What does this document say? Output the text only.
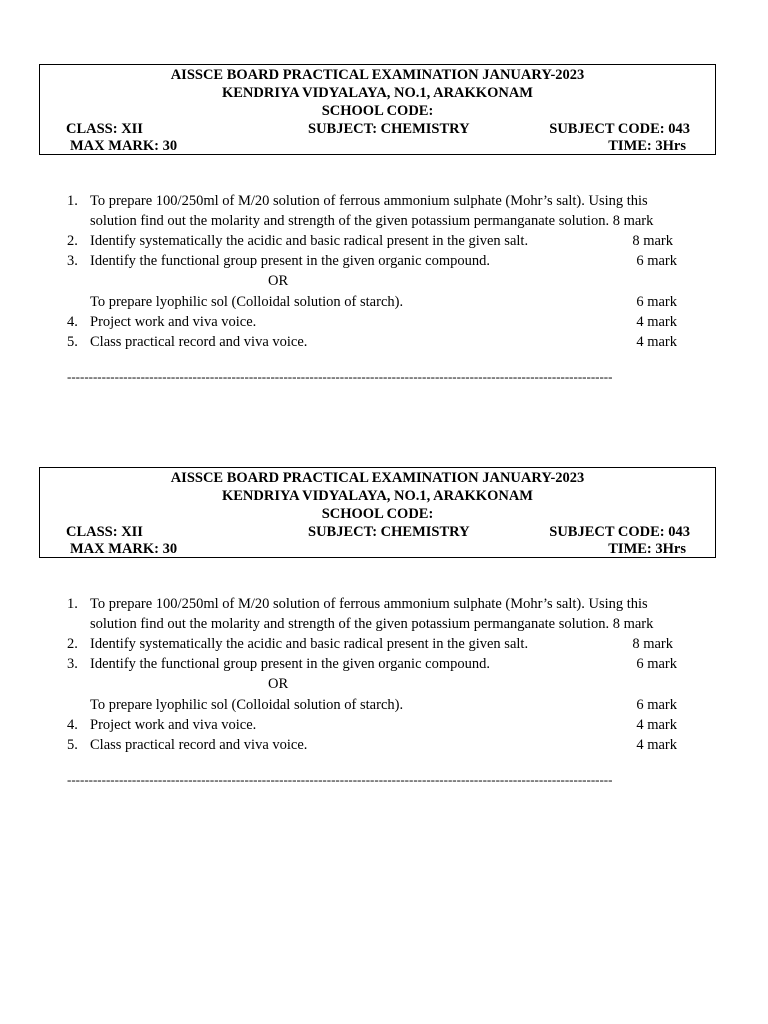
AISSCE BOARD PRACTICAL EXAMINATION JANUARY-2023
KENDRIYA VIDYALAYA, NO.1, ARAKKONAM
SCHOOL CODE:
CLASS: XII	SUBJECT: CHEMISTRY	SUBJECT CODE: 043
MAX MARK: 30	TIME: 3Hrs
1. To prepare 100/250ml of M/20 solution of ferrous ammonium sulphate (Mohr’s salt). Using this
solution find out the molarity and strength of the given potassium permanganate solution. 8 mark
2. Identify systematically the acidic and basic radical present in the given salt.	8 mark
3. Identify the functional group present in the given organic compound.	6 mark
OR
To prepare lyophilic sol (Colloidal solution of starch).	6 mark
4. Project work and viva voice.	4 mark
5. Class practical record and viva voice.	4 mark
------------------------------------------------------------------------------------------------------------------------------
AISSCE BOARD PRACTICAL EXAMINATION JANUARY-2023
KENDRIYA VIDYALAYA, NO.1, ARAKKONAM
SCHOOL CODE:
CLASS: XII	SUBJECT: CHEMISTRY	SUBJECT CODE: 043
MAX MARK: 30	TIME: 3Hrs
1. To prepare 100/250ml of M/20 solution of ferrous ammonium sulphate (Mohr’s salt). Using this
solution find out the molarity and strength of the given potassium permanganate solution. 8 mark
2. Identify systematically the acidic and basic radical present in the given salt.	8 mark
3. Identify the functional group present in the given organic compound.	6 mark
OR
To prepare lyophilic sol (Colloidal solution of starch).	6 mark
4. Project work and viva voice.	4 mark
5. Class practical record and viva voice.	4 mark
------------------------------------------------------------------------------------------------------------------------------
